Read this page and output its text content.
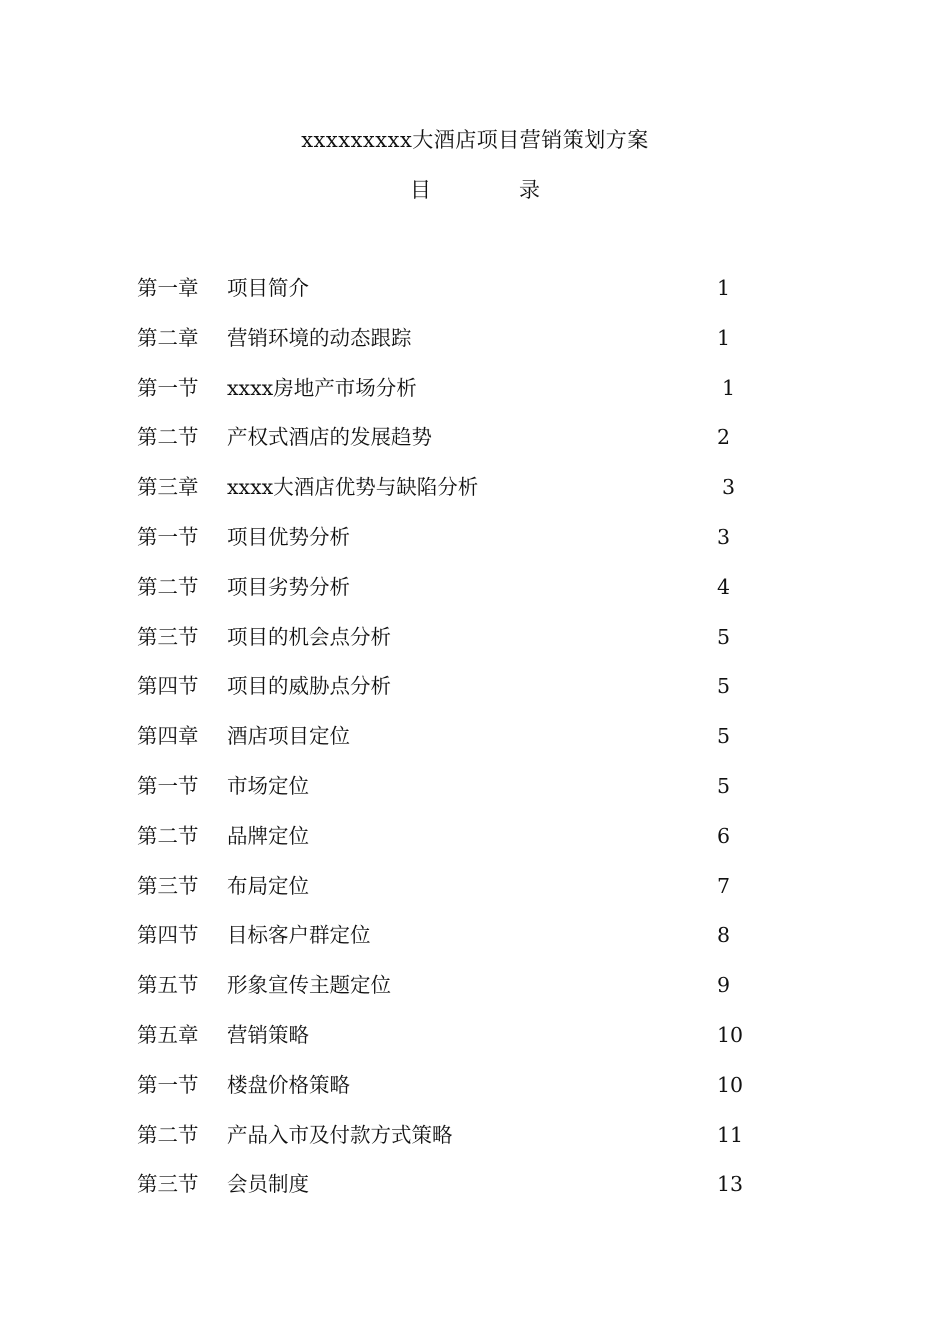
xxxxxxxxx大酒店项目营销策划方案
目	录
第一章 项目简介	1
第二章 营销环境的动态跟踪	1
第一节 xxxx房地产市场分析	1
第二节 产权式酒店的发展趋势	2
第三章 xxxx大酒店优势与缺陷分析	3
第一节 项目优势分析	3
第二节 项目劣势分析	4
第三节 项目的机会点分析	5
第四节 项目的威胁点分析	5
第四章 酒店项目定位	5
第一节 市场定位	5
第二节 品牌定位	6
第三节 布局定位	7
第四节 目标客户群定位	8
第五节 形象宣传主题定位	9
第五章 营销策略	10
第一节 楼盘价格策略	10
第二节 产品入市及付款方式策略	11
第三节 会员制度	13
